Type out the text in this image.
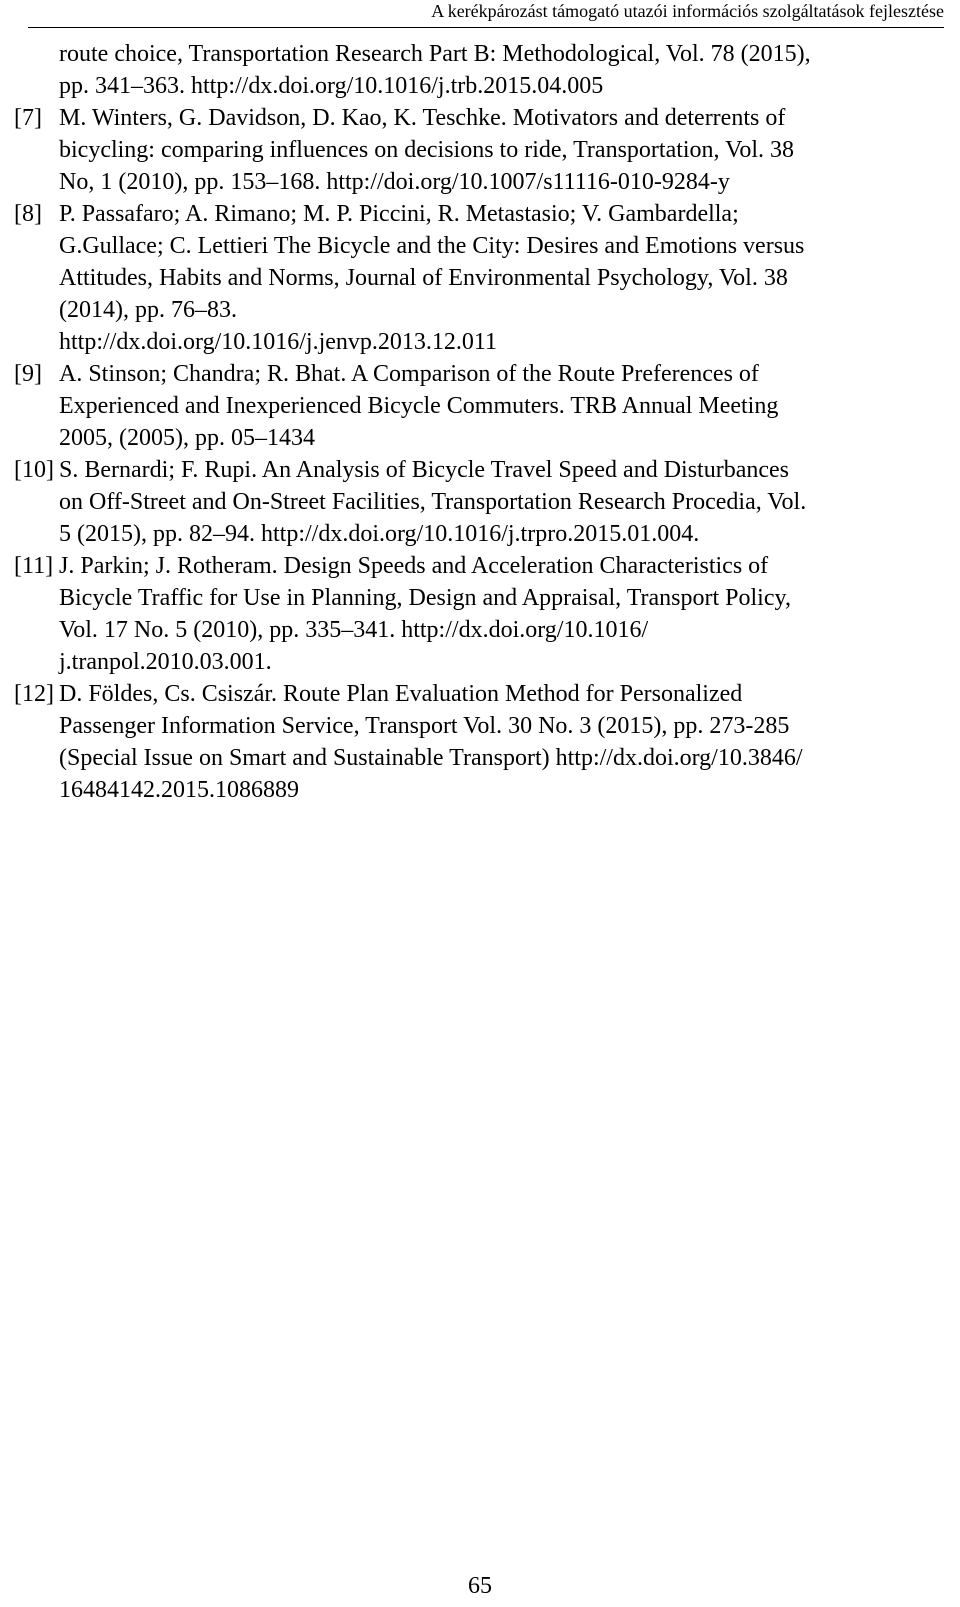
A kerékpározást támogató utazói információs szolgáltatások fejlesztése
route choice, Transportation Research Part B: Methodological, Vol. 78 (2015),
pp. 341–363. http://dx.doi.org/10.1016/j.trb.2015.04.005
[7] M. Winters, G. Davidson, D. Kao, K. Teschke. Motivators and deterrents of
bicycling: comparing influences on decisions to ride, Transportation, Vol. 38
No, 1 (2010), pp. 153–168. http://doi.org/10.1007/s11116-010-9284-y
[8] P. Passafaro; A. Rimano; M. P. Piccini, R. Metastasio; V. Gambardella;
G.Gullace; C. Lettieri The Bicycle and the City: Desires and Emotions versus
Attitudes, Habits and Norms, Journal of Environmental Psychology, Vol. 38
(2014), pp. 76–83.
http://dx.doi.org/10.1016/j.jenvp.2013.12.011
[9] A. Stinson; Chandra; R. Bhat. A Comparison of the Route Preferences of
Experienced and Inexperienced Bicycle Commuters. TRB Annual Meeting
2005, (2005), pp. 05–1434
[10] S. Bernardi; F. Rupi. An Analysis of Bicycle Travel Speed and Disturbances
on Off-Street and On-Street Facilities, Transportation Research Procedia, Vol.
5 (2015), pp. 82–94. http://dx.doi.org/10.1016/j.trpro.2015.01.004.
[11] J. Parkin; J. Rotheram. Design Speeds and Acceleration Characteristics of
Bicycle Traffic for Use in Planning, Design and Appraisal, Transport Policy,
Vol. 17 No. 5 (2010), pp. 335–341. http://dx.doi.org/10.1016/
j.tranpol.2010.03.001.
[12] D. Földes, Cs. Csiszár. Route Plan Evaluation Method for Personalized
Passenger Information Service, Transport Vol. 30 No. 3 (2015), pp. 273-285
(Special Issue on Smart and Sustainable Transport) http://dx.doi.org/10.3846/
16484142.2015.1086889
65
